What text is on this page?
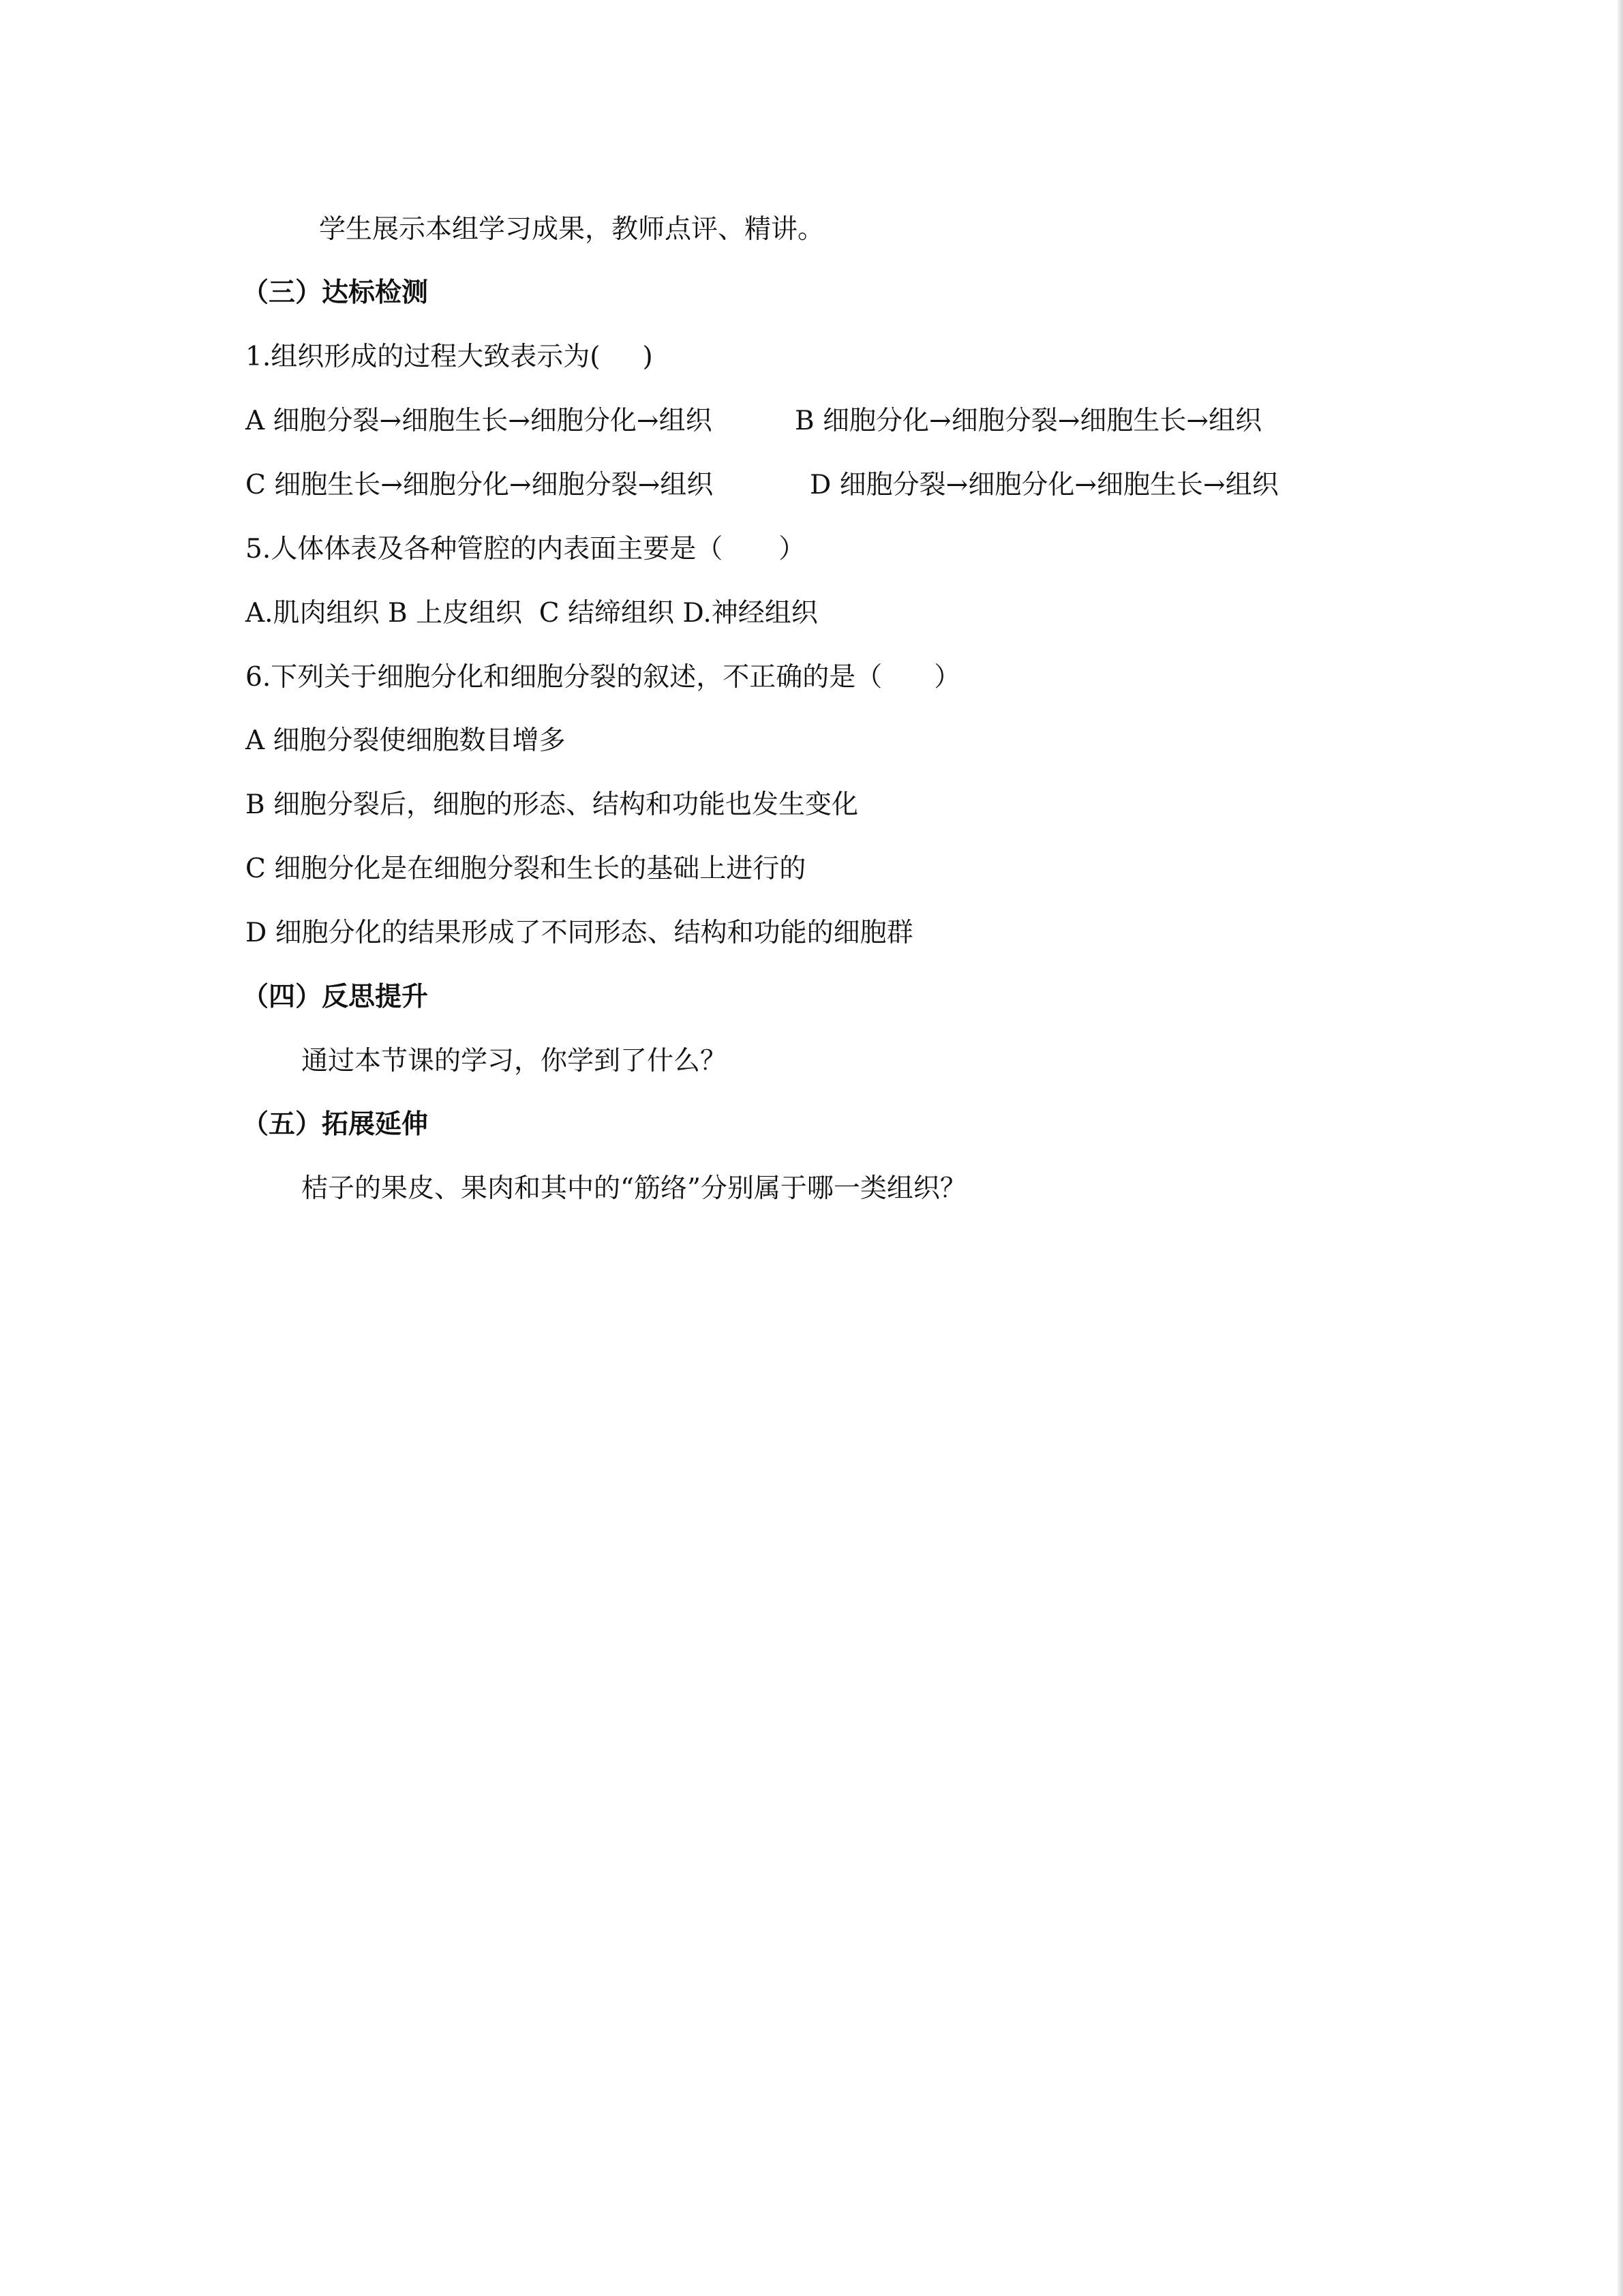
学生展示本组学习成果，教师点评、精讲。
（三）达标检测
1.组织形成的过程大致表示为( )
A 细胞分裂→细胞生长→细胞分化→组织	B 细胞分化→细胞分裂→细胞生长→组织
C 细胞生长→细胞分化→细胞分裂→组织	D 细胞分裂→细胞分化→细胞生长→组织
5.人体体表及各种管腔的内表面主要是（ ）
A.肌肉组织 B 上皮组织  C 结缔组织 D.神经组织
6.下列关于细胞分化和细胞分裂的叙述，不正确的是（ ）
A 细胞分裂使细胞数目增多
B 细胞分裂后，细胞的形态、结构和功能也发生变化
C 细胞分化是在细胞分裂和生长的基础上进行的
D 细胞分化的结果形成了不同形态、结构和功能的细胞群
（四）反思提升
通过本节课的学习，你学到了什么？
（五）拓展延伸
桔子的果皮、果肉和其中的“筋络”分别属于哪一类组织？
